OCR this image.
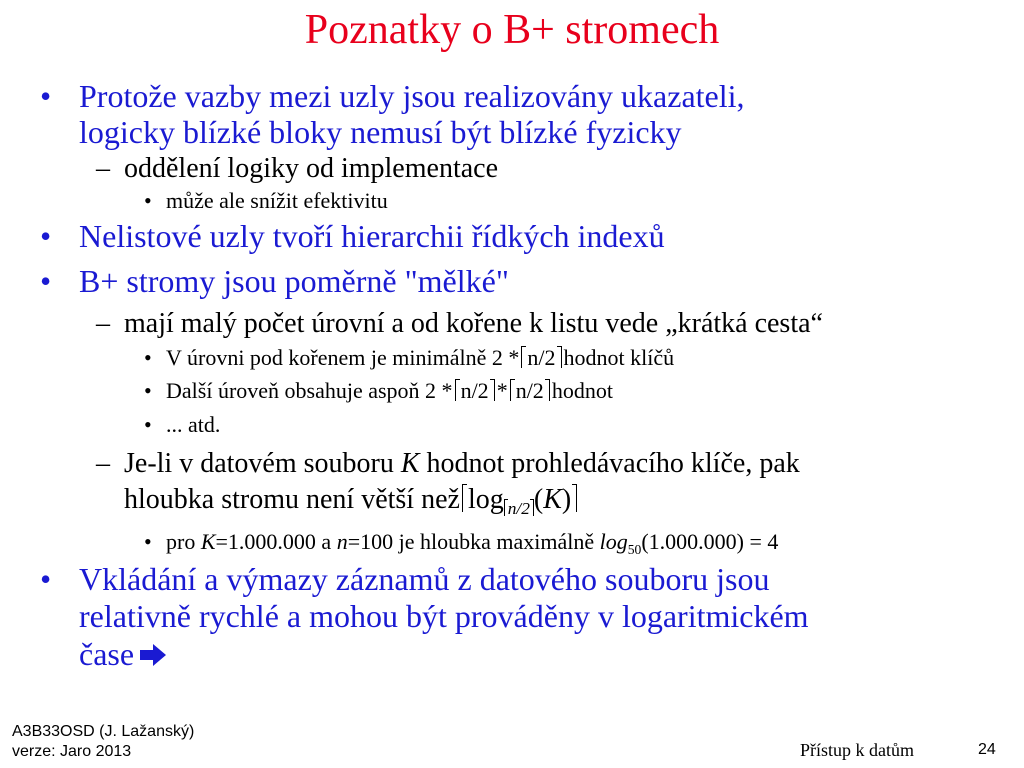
Poznatky o B+ stromech
• Protože vazby mezi uzly jsou realizovány ukazateli,
logicky blízké bloky nemusí být blízké fyzicky
– oddělení logiky od implementace
• může ale snížit efektivitu
• Nelistové uzly tvoří hierarchii řídkých indexů
• B+ stromy jsou poměrně "mělké"
– mají malý počet úrovní a od kořene k listu vede „krátká cesta“
• V úrovni pod kořenem je minimálně 2 * n/2 hodnot klíčů
• Další úroveň obsahuje aspoň 2 * n/2 * n/2 hodnot
• ... atd.
– Je-li v datovém souboru K hodnot prohledávacího klíče, pak
hloubka stromu není větší než log $_{n/2}$ (K)
• pro K=1.000.000 a n=100 je hloubka maximálně $\log_{50}(1.000.000) = 4$
• Vkládání a výmazy záznamů z datového souboru jsou
relativně rychlé a mohou být prováděny v logaritmickém
čase
A3B33OSD (J. Lažanský)
verze: Jaro 2013	Přístup k datům	24
